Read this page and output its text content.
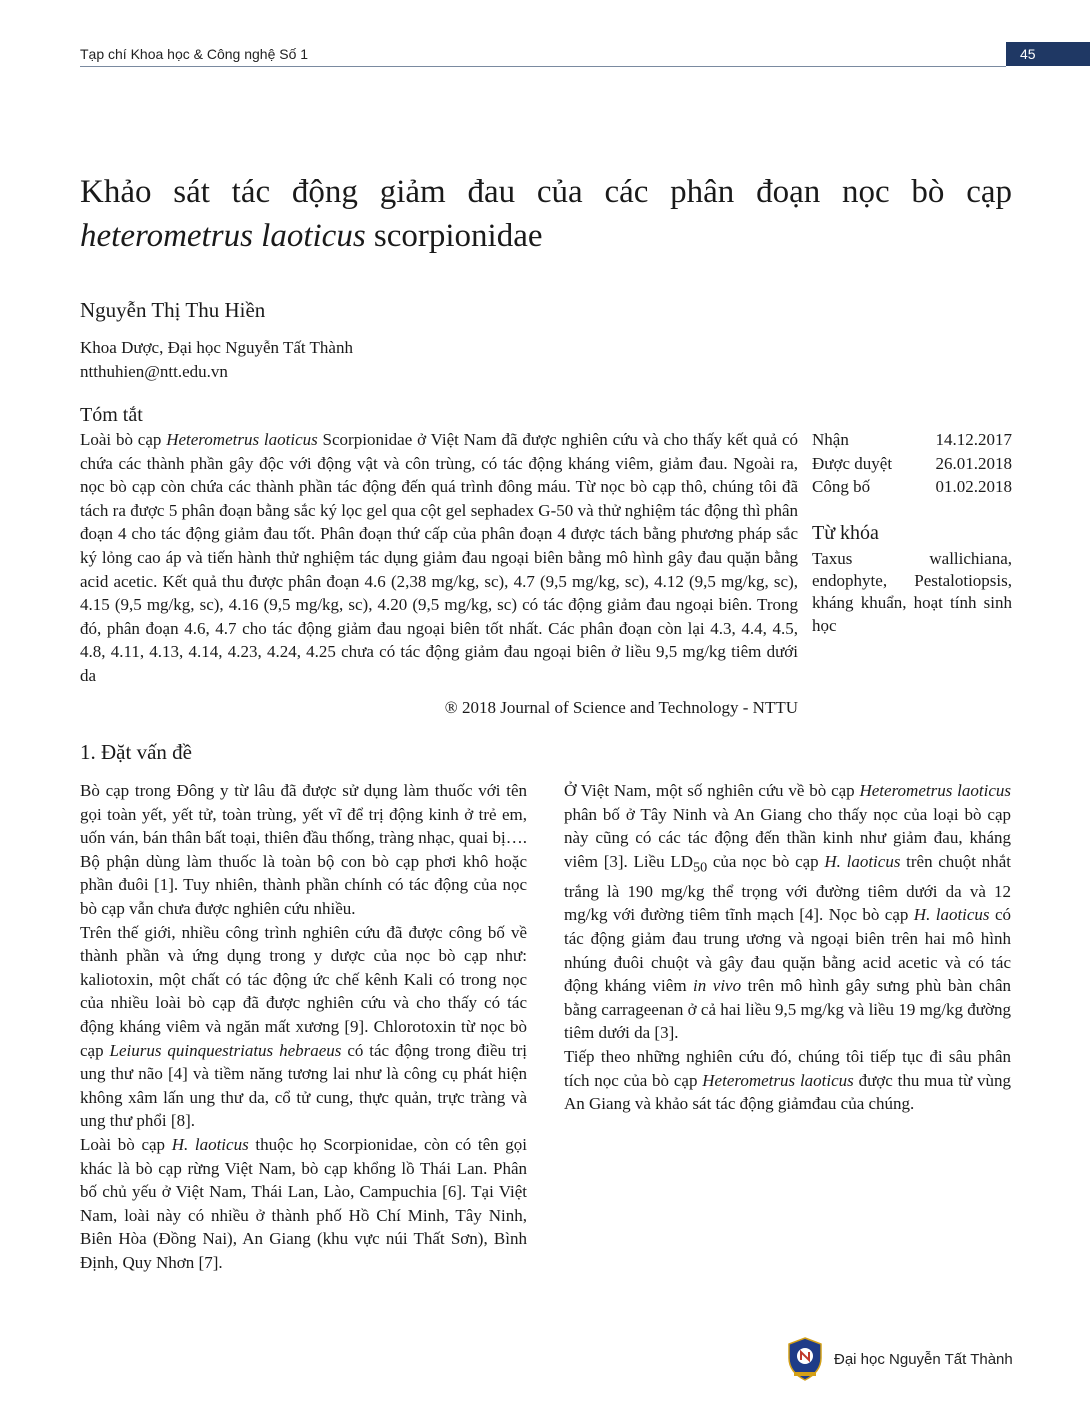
Tạp chí Khoa học & Công nghệ Số 1	45
Khảo sát tác động giảm đau của các phân đoạn nọc bò cạp heterometrus laoticus scorpionidae
Nguyễn Thị Thu Hiền
Khoa Dược, Đại học Nguyễn Tất Thành
ntthuhien@ntt.edu.vn
Tóm tắt

Loài bò cạp Heterometrus laoticus Scorpionidae ở Việt Nam đã được nghiên cứu và cho thấy kết quả có chứa các thành phần gây độc với động vật và côn trùng, có tác động kháng viêm, giảm đau. Ngoài ra, nọc bò cạp còn chứa các thành phần tác động đến quá trình đông máu. Từ nọc bò cạp thô, chúng tôi đã tách ra được 5 phân đoạn bằng sắc ký lọc gel qua cột gel sephadex G-50 và thử nghiệm tác động thì phân đoạn 4 cho tác động giảm đau tốt. Phân đoạn thứ cấp của phân đoạn 4 được tách bằng phương pháp sắc ký lỏng cao áp và tiến hành thử nghiệm tác dụng giảm đau ngoại biên bằng mô hình gây đau quặn bằng acid acetic. Kết quả thu được phân đoạn 4.6 (2,38 mg/kg, sc), 4.7 (9,5 mg/kg, sc), 4.12 (9,5 mg/kg, sc), 4.15 (9,5 mg/kg, sc), 4.16 (9,5 mg/kg, sc), 4.20 (9,5 mg/kg, sc) có tác động giảm đau ngoại biên. Trong đó, phân đoạn 4.6, 4.7 cho tác động giảm đau ngoại biên tốt nhất. Các phân đoạn còn lại 4.3, 4.4, 4.5, 4.8, 4.11, 4.13, 4.14, 4.23, 4.24, 4.25 chưa có tác động giảm đau ngoại biên ở liều 9,5 mg/kg tiêm dưới da

® 2018 Journal of Science and Technology - NTTU
Nhận	14.12.2017
Được duyệt	26.01.2018
Công bố	01.02.2018
Từ khóa
Taxus wallichiana, endophyte, Pestalotiopsis, kháng khuẩn, hoạt tính sinh học
1. Đặt vấn đề

Bò cạp trong Đông y từ lâu đã được sử dụng làm thuốc với tên gọi toàn yết, yết tử, toàn trùng, yết vĩ để trị động kinh ở trẻ em, uốn ván, bán thân bất toại, thiên đầu thống, tràng nhạc, quai bị…. Bộ phận dùng làm thuốc là toàn bộ con bò cạp phơi khô hoặc phần đuôi [1]. Tuy nhiên, thành phần chính có tác động của nọc bò cạp vẫn chưa được nghiên cứu nhiều.

Trên thế giới, nhiều công trình nghiên cứu đã được công bố về thành phần và ứng dụng trong y dược của nọc bò cạp như: kaliotoxin, một chất có tác động ức chế kênh Kali có trong nọc của nhiều loài bò cạp đã được nghiên cứu và cho thấy có tác động kháng viêm và ngăn mất xương [9]. Chlorotoxin từ nọc bò cạp Leiurus quinquestriatus hebraeus có tác động trong điều trị ung thư não [4] và tiềm năng tương lai như là công cụ phát hiện không xâm lấn ung thư da, cổ tử cung, thực quản, trực tràng và ung thư phổi [8].

Loài bò cạp H. laoticus thuộc họ Scorpionidae, còn có tên gọi khác là bò cạp rừng Việt Nam, bò cạp khổng lồ Thái Lan. Phân bố chủ yếu ở Việt Nam, Thái Lan, Lào, Campuchia [6]. Tại Việt Nam, loài này có nhiều ở thành phố Hồ Chí Minh, Tây Ninh, Biên Hòa (Đồng Nai), An Giang (khu vực núi Thất Sơn), Bình Định, Quy Nhơn [7].

Ở Việt Nam, một số nghiên cứu về bò cạp Heterometrus laoticus phân bố ở Tây Ninh và An Giang cho thấy nọc của loại bò cạp này cũng có các tác động đến thần kinh như giảm đau, kháng viêm [3]. Liều $LD_{50}$ của nọc bò cạp H. laoticus trên chuột nhắt trắng là 190 mg/kg thể trọng với đường tiêm dưới da và 12 mg/kg với đường tiêm tĩnh mạch [4]. Nọc bò cạp H. laoticus có tác động giảm đau trung ương và ngoại biên trên hai mô hình nhúng đuôi chuột và gây đau quặn bằng acid acetic và có tác động kháng viêm in vivo trên mô hình gây sưng phù bàn chân bằng carrageenan ở cả hai liều 9,5 mg/kg và liều 19 mg/kg đường tiêm dưới da [3].

Tiếp theo những nghiên cứu đó, chúng tôi tiếp tục đi sâu phân tích nọc của bò cạp Heterometrus laoticus được thu mua từ vùng An Giang và khảo sát tác động giảmđau của chúng.

Đại học Nguyễn Tất Thành
